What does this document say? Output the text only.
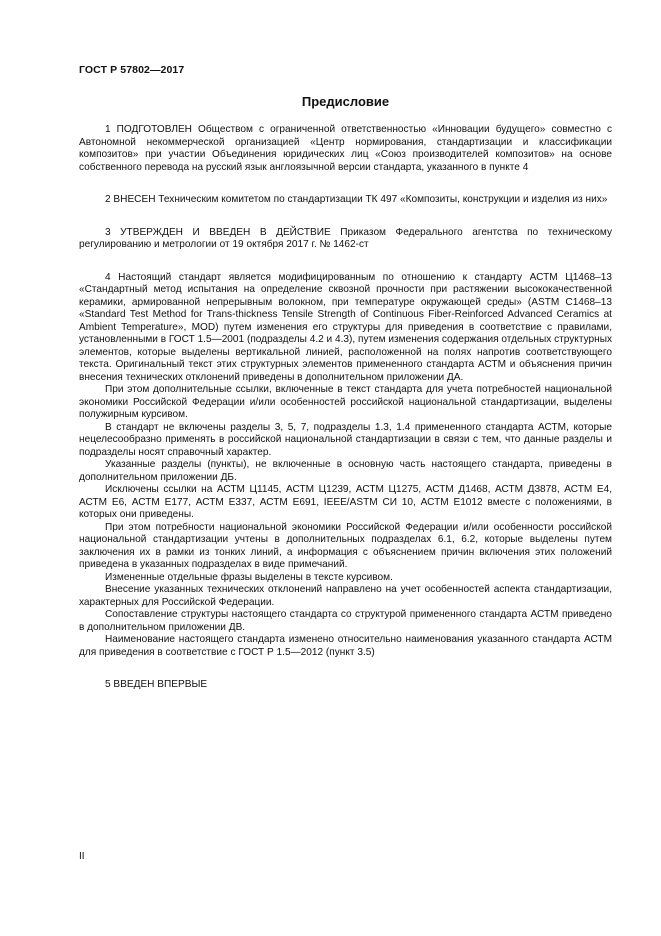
ГОСТ Р 57802—2017
Предисловие

1 ПОДГОТОВЛЕН Обществом с ограниченной ответственностью «Инновации будущего» совместно с Автономной некоммерческой организацией «Центр нормирования, стандартизации и классификации композитов» при участии Объединения юридических лиц «Союз производителей композитов» на основе собственного перевода на русский язык англоязычной версии стандарта, указанного в пункте 4

2 ВНЕСЕН Техническим комитетом по стандартизации ТК 497 «Композиты, конструкции и изделия из них»

3 УТВЕРЖДЕН И ВВЕДЕН В ДЕЙСТВИЕ Приказом Федерального агентства по техническому регулированию и метрологии от 19 октября 2017 г. № 1462-ст

4 Настоящий стандарт является модифицированным по отношению к стандарту АСТМ Ц1468–13 «Стандартный метод испытания на определение сквозной прочности при растяжении высококачественной керамики, армированной непрерывным волокном, при температуре окружающей среды» (ASTM C1468–13 «Standard Test Method for Trans-thickness Tensile Strength of Continuous Fiber-Reinforced Advanced Ceramics at Ambient Temperature», MOD) путем изменения его структуры для приведения в соответствие с правилами, установленными в ГОСТ 1.5—2001 (подразделы 4.2 и 4.3), путем изменения содержания отдельных структурных элементов, которые выделены вертикальной линией, расположенной на полях напротив соответствующего текста. Оригинальный текст этих структурных элементов примененного стандарта АСТМ и объяснения причин внесения технических отклонений приведены в дополнительном приложении ДА.

При этом дополнительные ссылки, включенные в текст стандарта для учета потребностей национальной экономики Российской Федерации и/или особенностей российской национальной стандартизации, выделены полужирным курсивом.

В стандарт не включены разделы 3, 5, 7, подразделы 1.3, 1.4 примененного стандарта АСТМ, которые нецелесообразно применять в российской национальной стандартизации в связи с тем, что данные разделы и подразделы носят справочный характер.

Указанные разделы (пункты), не включенные в основную часть настоящего стандарта, приведены в дополнительном приложении ДБ.

Исключены ссылки на АСТМ Ц1145, АСТМ Ц1239, АСТМ Ц1275, АСТМ Д1468, АСТМ Д3878, АСТМ Е4, АСТМ Е6, АСТМ Е177, АСТМ Е337, АСТМ Е691, IEEE/ASTM СИ 10, АСТМ Е1012 вместе с положениями, в которых они приведены.

При этом потребности национальной экономики Российской Федерации и/или особенности российской национальной стандартизации учтены в дополнительных подразделах 6.1, 6.2, которые выделены путем заключения их в рамки из тонких линий, а информация с объяснением причин включения этих положений приведена в указанных подразделах в виде примечаний.

Измененные отдельные фразы выделены в тексте курсивом.

Внесение указанных технических отклонений направлено на учет особенностей аспекта стандартизации, характерных для Российской Федерации.

Сопоставление структуры настоящего стандарта со структурой примененного стандарта АСТМ приведено в дополнительном приложении ДВ.

Наименование настоящего стандарта изменено относительно наименования указанного стандарта АСТМ для приведения в соответствие с ГОСТ Р 1.5—2012 (пункт 3.5)

5 ВВЕДЕН ВПЕРВЫЕ

II
